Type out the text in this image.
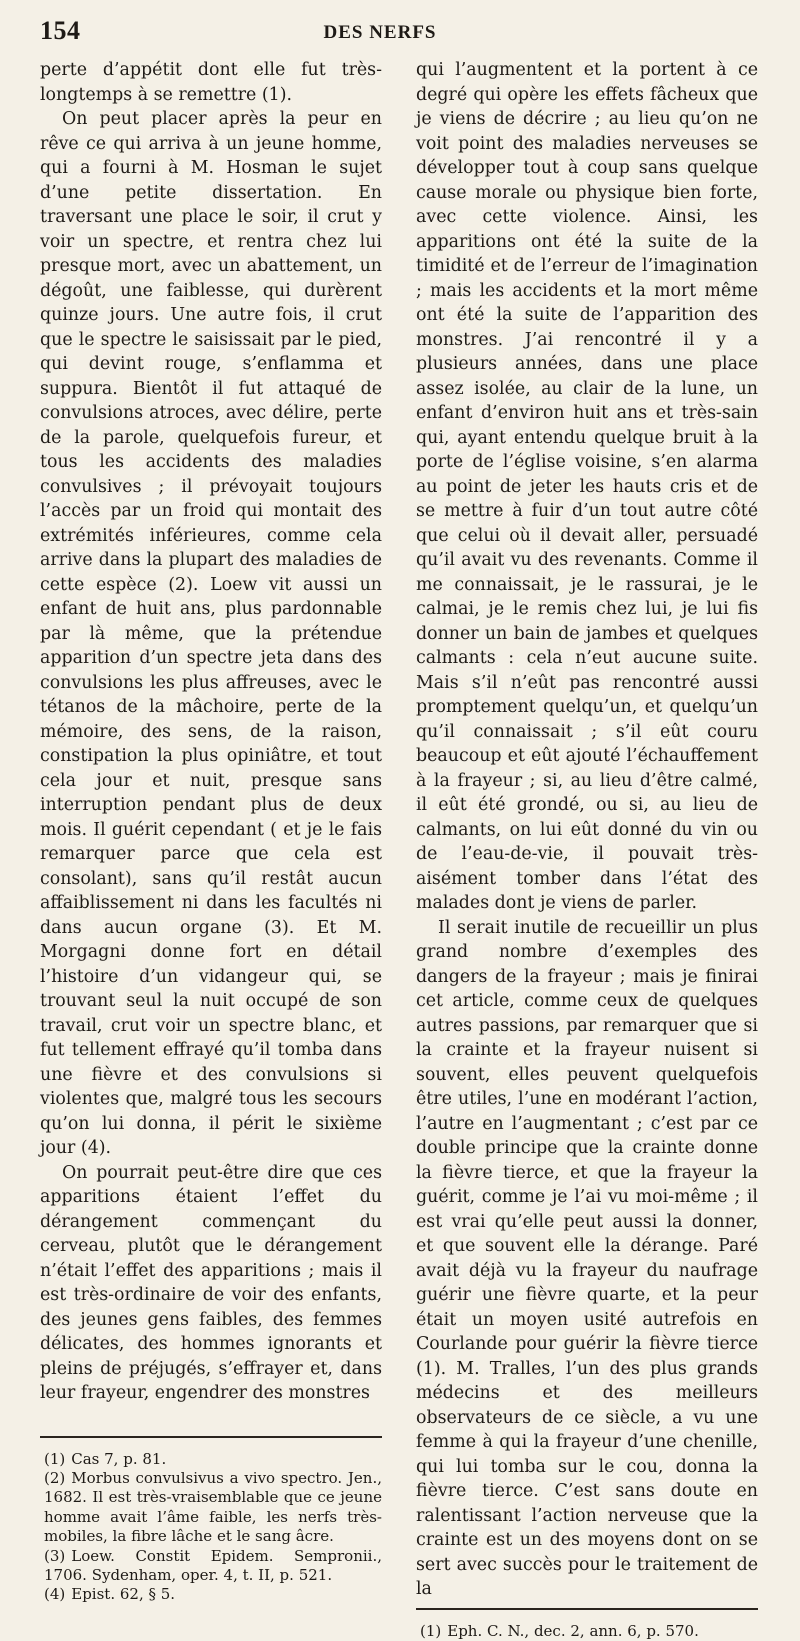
154	DES NERFS

perte d’appétit dont elle fut très-longtemps à se remettre (1).

On peut placer après la peur en rêve ce qui arriva à un jeune homme, qui a fourni à M. Hosman le sujet d’une petite dissertation. En traversant une place le soir, il crut y voir un spectre, et rentra chez lui presque mort, avec un abattement, un dégoût, une faiblesse, qui durèrent quinze jours. Une autre fois, il crut que le spectre le saisissait par le pied, qui devint rouge, s’enflamma et suppura. Bientôt il fut attaqué de convulsions atroces, avec délire, perte de la parole, quelquefois fureur, et tous les accidents des maladies convulsives ; il prévoyait toujours l’accès par un froid qui montait des extrémités inférieures, comme cela arrive dans la plupart des maladies de cette espèce (2). Loew vit aussi un enfant de huit ans, plus pardonnable par là même, que la prétendue apparition d’un spectre jeta dans des convulsions les plus affreuses, avec le tétanos de la mâchoire, perte de la mémoire, des sens, de la raison, constipation la plus opiniâtre, et tout cela jour et nuit, presque sans interruption pendant plus de deux mois. Il guérit cependant ( et je le fais remarquer parce que cela est consolant), sans qu’il restât aucun affaiblissement ni dans les facultés ni dans aucun organe (3). Et M. Morgagni donne fort en détail l’histoire d’un vidangeur qui, se trouvant seul la nuit occupé de son travail, crut voir un spectre blanc, et fut tellement effrayé qu’il tomba dans une fièvre et des convulsions si violentes que, malgré tous les secours qu’on lui donna, il périt le sixième jour (4).

On pourrait peut-être dire que ces apparitions étaient l’effet du dérangement commençant du cerveau, plutôt que le dérangement n’était l’effet des apparitions ; mais il est très-ordinaire de voir des enfants, des jeunes gens faibles, des femmes délicates, des hommes ignorants et pleins de préjugés, s’effrayer et, dans leur frayeur, engendrer des monstres

(1) Cas 7, p. 81.

(2) Morbus convulsivus a vivo spectro. Jen., 1682. Il est très-vraisemblable que ce jeune homme avait l’âme faible, les nerfs très-mobiles, la fibre lâche et le sang âcre.

(3) Loew. Constit Epidem. Sempronii., 1706. Sydenham, oper. 4, t. II, p. 521.

(4) Epist. 62, § 5.

qui l’augmentent et la portent à ce degré qui opère les effets fâcheux que je viens de décrire ; au lieu qu’on ne voit point des maladies nerveuses se développer tout à coup sans quelque cause morale ou physique bien forte, avec cette violence. Ainsi, les apparitions ont été la suite de la timidité et de l’erreur de l’imagination ; mais les accidents et la mort même ont été la suite de l’apparition des monstres. J’ai rencontré il y a plusieurs années, dans une place assez isolée, au clair de la lune, un enfant d’environ huit ans et très-sain qui, ayant entendu quelque bruit à la porte de l’église voisine, s’en alarma au point de jeter les hauts cris et de se mettre à fuir d’un tout autre côté que celui où il devait aller, persuadé qu’il avait vu des revenants. Comme il me connaissait, je le rassurai, je le calmai, je le remis chez lui, je lui fis donner un bain de jambes et quelques calmants : cela n’eut aucune suite. Mais s’il n’eût pas rencontré aussi promptement quelqu’un, et quelqu’un qu’il connaissait ; s’il eût couru beaucoup et eût ajouté l’échauffement à la frayeur ; si, au lieu d’être calmé, il eût été grondé, ou si, au lieu de calmants, on lui eût donné du vin ou de l’eau-de-vie, il pouvait très-aisément tomber dans l’état des malades dont je viens de parler.

Il serait inutile de recueillir un plus grand nombre d’exemples des dangers de la frayeur ; mais je finirai cet article, comme ceux de quelques autres passions, par remarquer que si la crainte et la frayeur nuisent si souvent, elles peuvent quelquefois être utiles, l’une en modérant l’action, l’autre en l’augmentant ; c’est par ce double principe que la crainte donne la fièvre tierce, et que la frayeur la guérit, comme je l’ai vu moi-même ; il est vrai qu’elle peut aussi la donner, et que souvent elle la dérange. Paré avait déjà vu la frayeur du naufrage guérir une fièvre quarte, et la peur était un moyen usité autrefois en Courlande pour guérir la fièvre tierce (1). M. Tralles, l’un des plus grands médecins et des meilleurs observateurs de ce siècle, a vu une femme à qui la frayeur d’une chenille, qui lui tomba sur le cou, donna la fièvre tierce. C’est sans doute en ralentissant l’action nerveuse que la crainte est un des moyens dont on se sert avec succès pour le traitement de la

(1) Eph. C. N., dec. 2, ann. 6, p. 570.
